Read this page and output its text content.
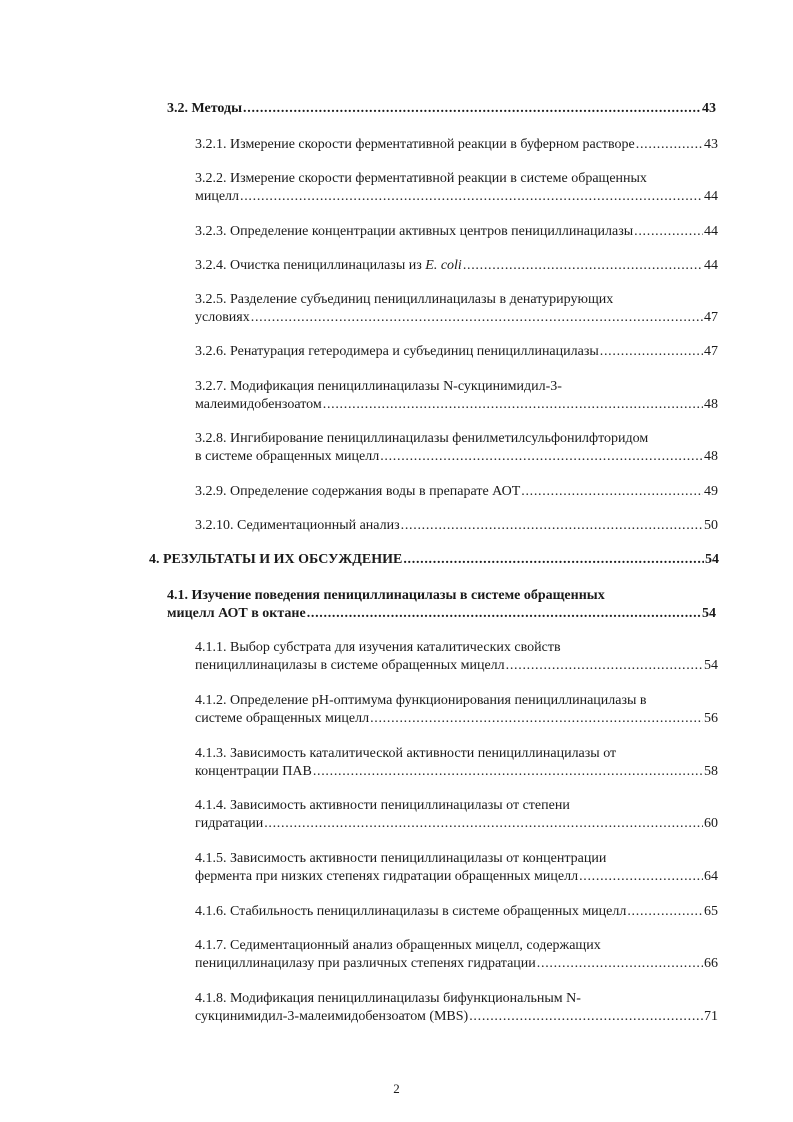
3.2. Методы . . .	43
3.2.1. Измерение скорости ферментативной реакции в буферном растворе . . .	43
3.2.2. Измерение скорости ферментативной реакции в системе обращенных
мицелл . . .	44
3.2.3. Определение концентрации активных центров пенициллинацилазы . . .	44
3.2.4. Очистка пенициллинацилазы из E. coli . . .	44
3.2.5. Разделение субъединиц пенициллинацилазы в денатурирующих
условиях . . .	47
3.2.6. Ренатурация гетеродимера и субъединиц пенициллинацилазы . . .	47
3.2.7. Модификация пенициллинацилазы N-сукцинимидил-3-
малеимидобензоатом . . .	48
3.2.8. Ингибирование пенициллинацилазы фенилметилсульфонилфторидом
в системе обращенных мицелл . . .	48
3.2.9. Определение содержания воды в препарате АОТ . . .	49
3.2.10. Седиментационный анализ . . .	50
4. РЕЗУЛЬТАТЫ И ИХ ОБСУЖДЕНИЕ . . .	54
4.1. Изучение поведения пенициллинацилазы в системе обращенных
мицелл АОТ в октане . . .	54
4.1.1. Выбор субстрата для изучения каталитических свойств
пенициллинацилазы в системе обращенных мицелл . . .	54
4.1.2. Определение pH-оптимума функционирования пенициллинацилазы в
системе обращенных мицелл . . .	56
4.1.3. Зависимость каталитической активности пенициллинацилазы от
концентрации ПАВ . . .	58
4.1.4. Зависимость активности пенициллинацилазы от степени
гидратации . . .	60
4.1.5. Зависимость активности пенициллинацилазы от концентрации
фермента при низких степенях гидратации обращенных мицелл . . .	64
4.1.6. Стабильность пенициллинацилазы в системе обращенных мицелл . . .	65
4.1.7. Седиментационный анализ обращенных мицелл, содержащих
пенициллинацилазу при различных степенях гидратации . . .	66
4.1.8. Модификация пенициллинацилазы бифункциональным N-
сукцинимидил-3-малеимидобензоатом (MBS) . . .	71
2
